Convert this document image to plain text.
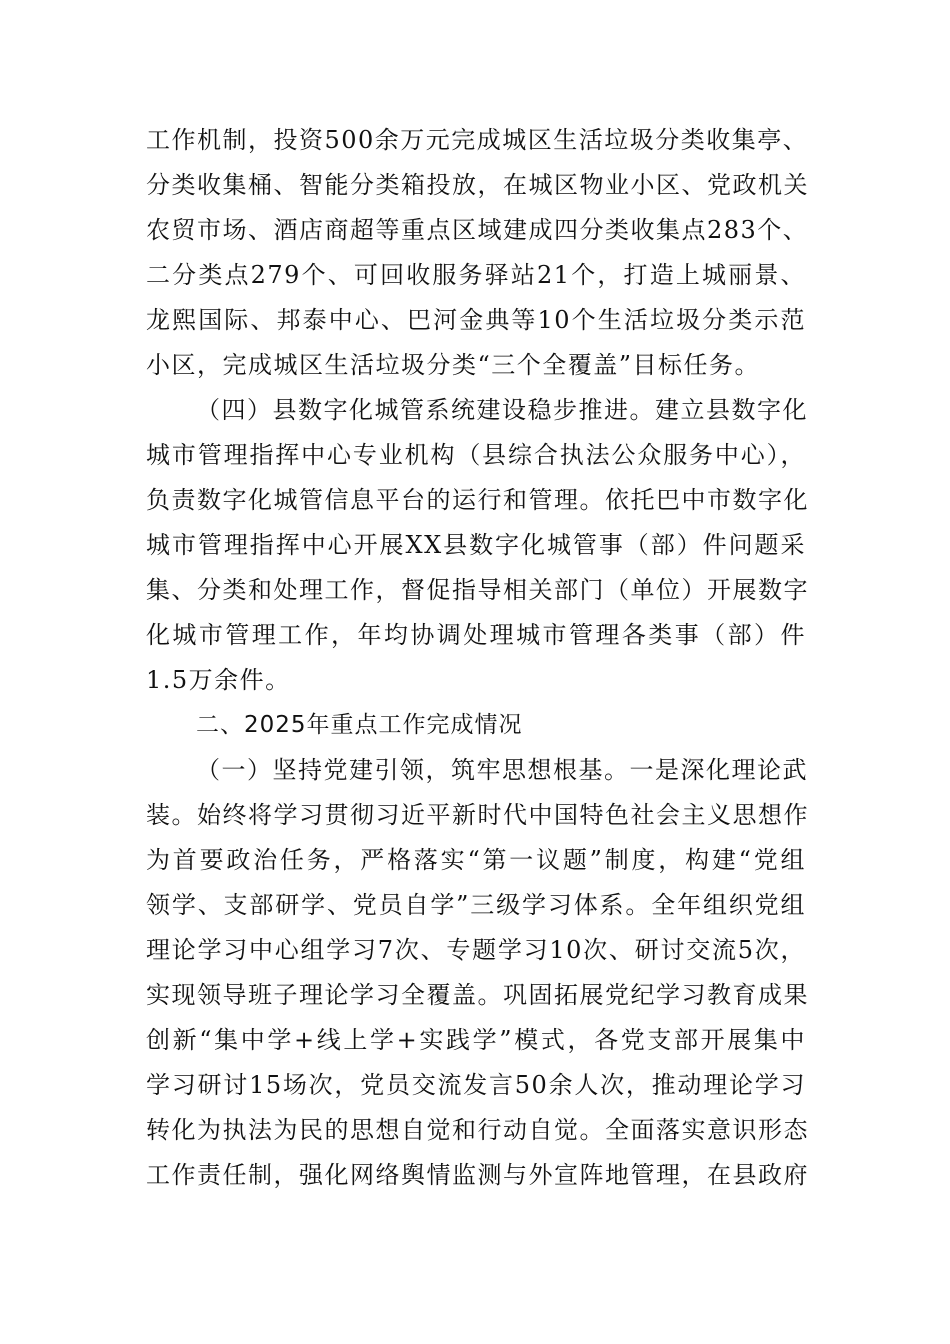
工作机制，投资500余万元完成城区生活垃圾分类收集亭、
分类收集桶、智能分类箱投放，在城区物业小区、党政机关
农贸市场、酒店商超等重点区域建成四分类收集点283个、
二分类点279个、可回收服务驿站21个，打造上城丽景、
龙熙国际、邦泰中心、巴河金典等10个生活垃圾分类示范
小区，完成城区生活垃圾分类“三个全覆盖”目标任务。
（四）县数字化城管系统建设稳步推进。建立县数字化
城市管理指挥中心专业机构（县综合执法公众服务中心），
负责数字化城管信息平台的运行和管理。依托巴中市数字化
城市管理指挥中心开展XX县数字化城管事（部）件问题采
集、分类和处理工作，督促指导相关部门（单位）开展数字
化城市管理工作，年均协调处理城市管理各类事（部）件
1.5万余件。
二、2025年重点工作完成情况
（一）坚持党建引领，筑牢思想根基。一是深化理论武
装。始终将学习贯彻习近平新时代中国特色社会主义思想作
为首要政治任务，严格落实“第一议题”制度，构建“党组
领学、支部研学、党员自学”三级学习体系。全年组织党组
理论学习中心组学习7次、专题学习10次、研讨交流5次，
实现领导班子理论学习全覆盖。巩固拓展党纪学习教育成果
创新“集中学+线上学+实践学”模式，各党支部开展集中
学习研讨15场次，党员交流发言50余人次，推动理论学习
转化为执法为民的思想自觉和行动自觉。全面落实意识形态
工作责任制，强化网络舆情监测与外宣阵地管理，在县政府
